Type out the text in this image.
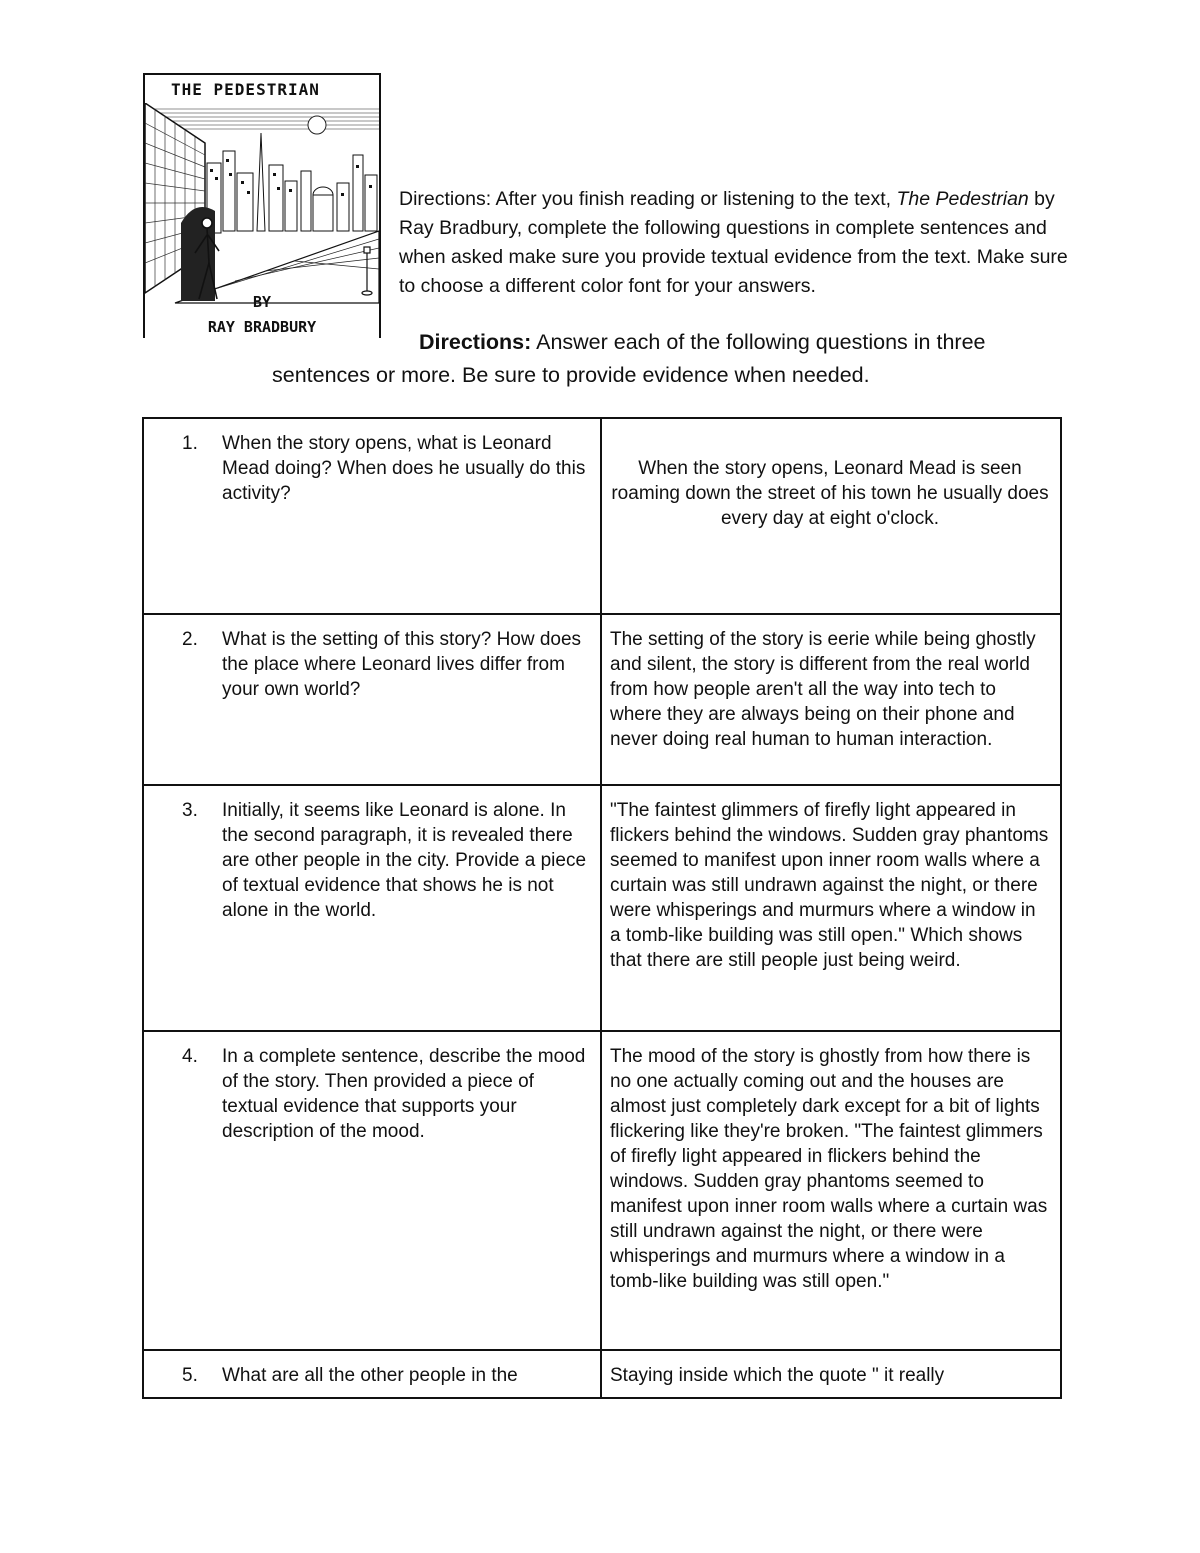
THE PEDESTRIAN
BY
RAY BRADBURY
Directions: After you finish reading or listening to the text, The Pedestrian by Ray Bradbury, complete the following questions in complete sentences and when asked make sure you provide textual evidence from the text. Make sure to choose a different color font for your answers.
Directions: Answer each of the following questions in three
sentences or more. Be sure to provide evidence when needed.
1. When the story opens, what is Leonard Mead doing? When does he usually do this activity?	When the story opens, Leonard Mead is seen roaming down the street of his town he usually does every day at eight o'clock.

2. What is the setting of this story? How does the place where Leonard lives differ from your own world?	The setting of the story is eerie while being ghostly and silent, the story is different from the real world from how people aren't all the way into tech to where they are always being on their phone and never doing real human to human interaction.

3. Initially, it seems like Leonard is alone. In the second paragraph, it is revealed there are other people in the city. Provide a piece of textual evidence that shows he is not alone in the world.	"The faintest glimmers of firefly light appeared in flickers behind the windows. Sudden gray phantoms seemed to manifest upon inner room walls where a curtain was still undrawn against the night, or there were whisperings and murmurs where a window in a tomb-like building was still open." Which shows that there are still people just being weird.

4. In a complete sentence, describe the mood of the story. Then provided a piece of textual evidence that supports your description of the mood.	The mood of the story is ghostly from how there is no one actually coming out and the houses are almost just completely dark except for a bit of lights flickering like they're broken. "The faintest glimmers of firefly light appeared in flickers behind the windows. Sudden gray phantoms seemed to manifest upon inner room walls where a curtain was still undrawn against the night, or there were whisperings and murmurs where a window in a tomb-like building was still open."

5. What are all the other people in the	Staying inside which the quote " it really
